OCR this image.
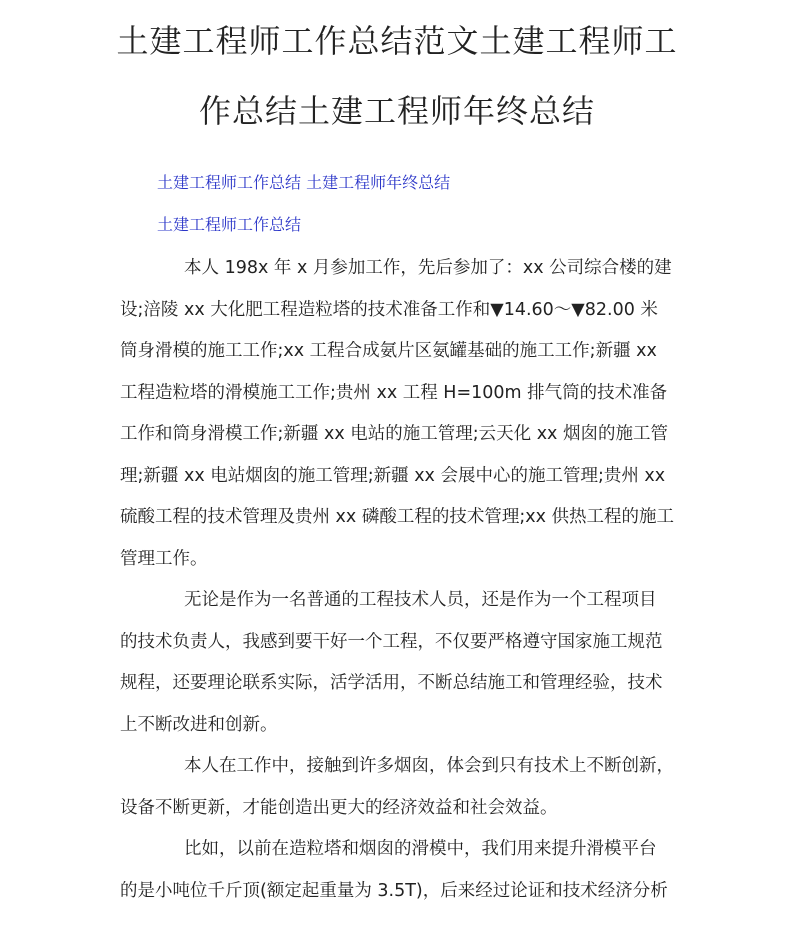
土建工程师工作总结范文土建工程师工
作总结土建工程师年终总结
土建工程师工作总结 土建工程师年终总结
土建工程师工作总结

本人 198x 年 x 月参加工作，先后参加了：xx 公司综合楼的建
设;涪陵 xx 大化肥工程造粒塔的技术准备工作和▼14.60～▼82.00 米
筒身滑模的施工工作;xx 工程合成氨片区氨罐基础的施工工作;新疆 xx
工程造粒塔的滑模施工工作;贵州 xx 工程 H=100m 排气筒的技术准备
工作和筒身滑模工作;新疆 xx 电站的施工管理;云天化 xx 烟囱的施工管
理;新疆 xx 电站烟囱的施工管理;新疆 xx 会展中心的施工管理;贵州 xx
硫酸工程的技术管理及贵州 xx 磷酸工程的技术管理;xx 供热工程的施工
管理工作。

无论是作为一名普通的工程技术人员，还是作为一个工程项目
的技术负责人，我感到要干好一个工程，不仅要严格遵守国家施工规范
规程，还要理论联系实际，活学活用，不断总结施工和管理经验，技术
上不断改进和创新。

本人在工作中，接触到许多烟囱，体会到只有技术上不断创新，
设备不断更新，才能创造出更大的经济效益和社会效益。

比如，以前在造粒塔和烟囱的滑模中，我们用来提升滑模平台
的是小吨位千斤顶(额定起重量为 3.5T)，后来经过论证和技术经济分析
